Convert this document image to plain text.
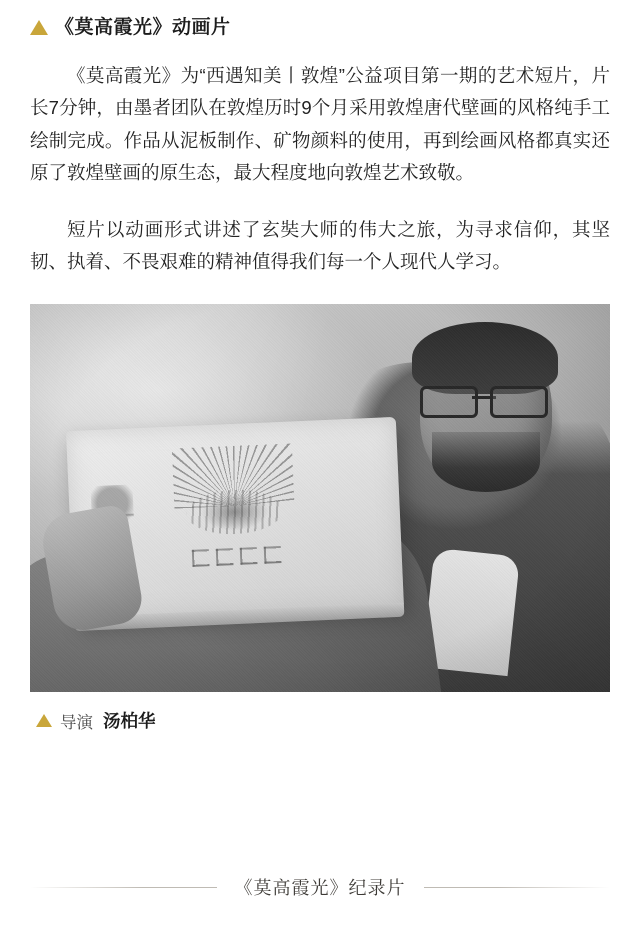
《莫高霞光》动画片

《莫高霞光》为“西遇知美丨敦煌”公益项目第一期的艺术短片，片长7分钟，由墨者团队在敦煌历时9个月采用敦煌唐代壁画的风格纯手工绘制完成。作品从泥板制作、矿物颜料的使用，再到绘画风格都真实还原了敦煌壁画的原生态，最大程度地向敦煌艺术致敬。

短片以动画形式讲述了玄奘大师的伟大之旅，为寻求信仰，其坚韧、执着、不畏艰难的精神值得我们每一个人现代人学习。

导演 汤柏华
《莫高霞光》纪录片
